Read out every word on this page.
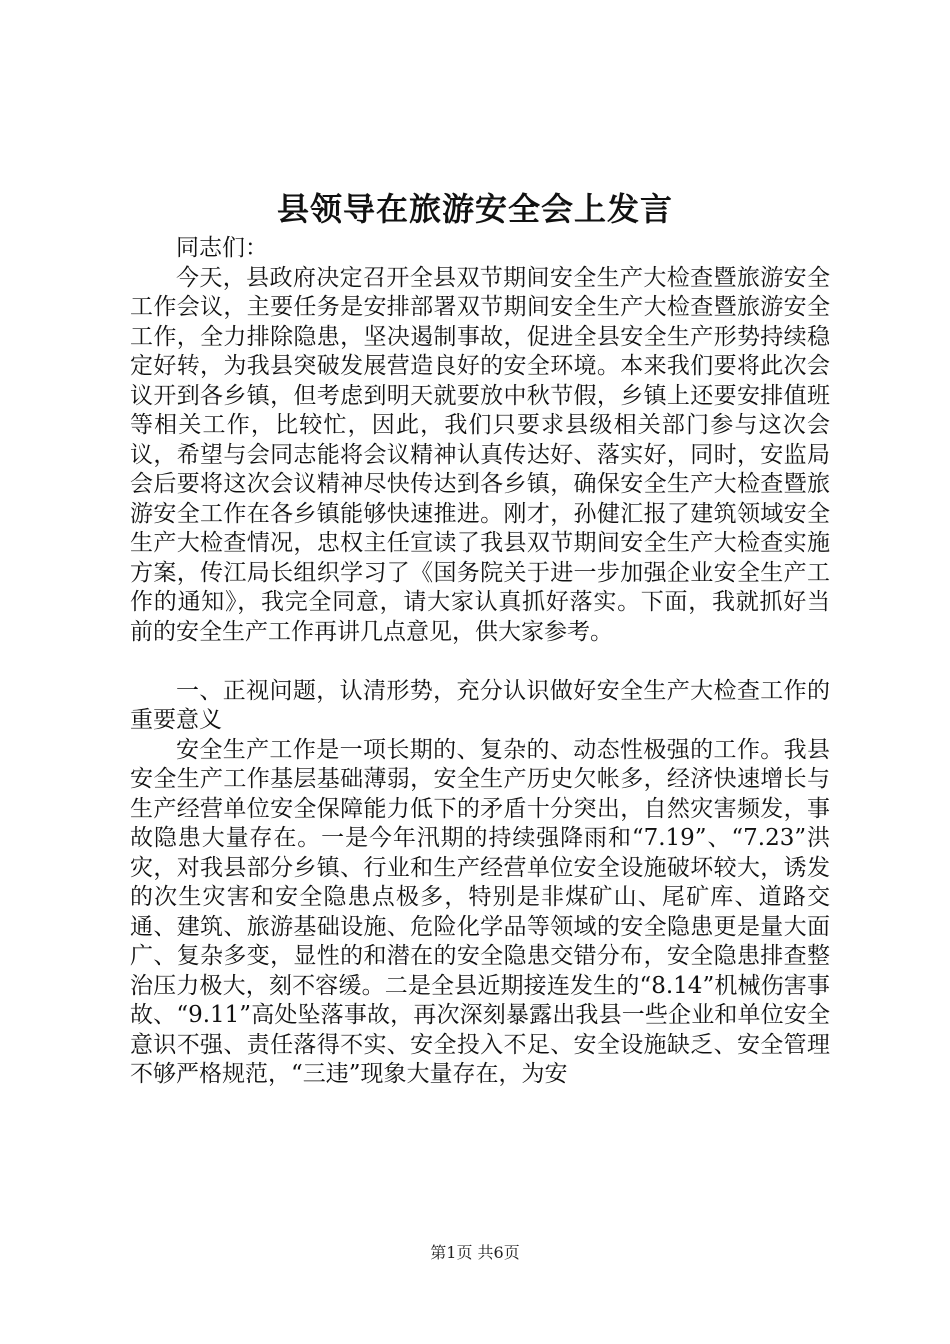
县领导在旅游安全会上发言

同志们：

今天，县政府决定召开全县双节期间安全生产大检查暨旅游安全工作会议，主要任务是安排部署双节期间安全生产大检查暨旅游安全工作，全力排除隐患，坚决遏制事故，促进全县安全生产形势持续稳定好转，为我县突破发展营造良好的安全环境。本来我们要将此次会议开到各乡镇，但考虑到明天就要放中秋节假，乡镇上还要安排值班等相关工作，比较忙，因此，我们只要求县级相关部门参与这次会议，希望与会同志能将会议精神认真传达好、落实好，同时，安监局会后要将这次会议精神尽快传达到各乡镇，确保安全生产大检查暨旅游安全工作在各乡镇能够快速推进。刚才，孙健汇报了建筑领域安全生产大检查情况，忠权主任宣读了我县双节期间安全生产大检查实施方案，传江局长组织学习了《国务院关于进一步加强企业安全生产工作的通知》，我完全同意，请大家认真抓好落实。下面，我就抓好当前的安全生产工作再讲几点意见，供大家参考。

一、正视问题，认清形势，充分认识做好安全生产大检查工作的重要意义

安全生产工作是一项长期的、复杂的、动态性极强的工作。我县安全生产工作基层基础薄弱，安全生产历史欠帐多，经济快速增长与生产经营单位安全保障能力低下的矛盾十分突出，自然灾害频发，事故隐患大量存在。一是今年汛期的持续强降雨和“7.19”、“7.23”洪灾，对我县部分乡镇、行业和生产经营单位安全设施破坏较大，诱发的次生灾害和安全隐患点极多，特别是非煤矿山、尾矿库、道路交通、建筑、旅游基础设施、危险化学品等领域的安全隐患更是量大面广、复杂多变，显性的和潜在的安全隐患交错分布，安全隐患排查整治压力极大，刻不容缓。二是全县近期接连发生的“8.14”机械伤害事故、“9.11”高处坠落事故，再次深刻暴露出我县一些企业和单位安全意识不强、责任落得不实、安全投入不足、安全设施缺乏、安全管理不够严格规范，“三违”现象大量存在，为安

第1页 共6页
